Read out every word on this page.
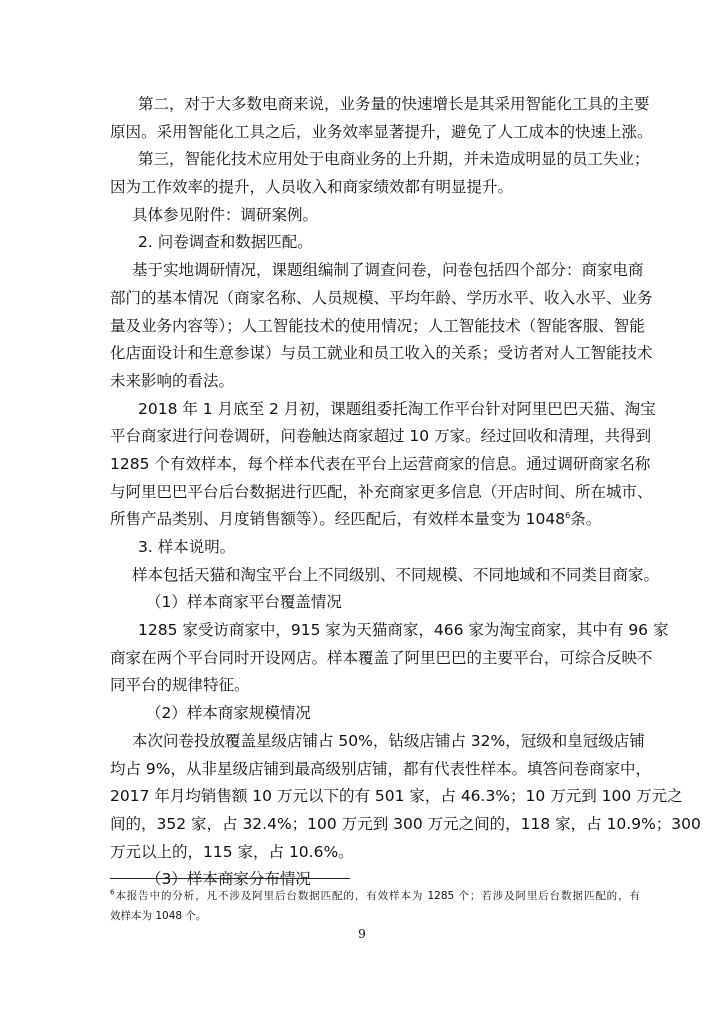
第二，对于大多数电商来说，业务量的快速增长是其采用智能化工具的主要
原因。采用智能化工具之后，业务效率显著提升，避免了人工成本的快速上涨。
第三，智能化技术应用处于电商业务的上升期，并未造成明显的员工失业；
因为工作效率的提升，人员收入和商家绩效都有明显提升。
具体参见附件：调研案例。
2. 问卷调查和数据匹配。
基于实地调研情况，课题组编制了调查问卷，问卷包括四个部分：商家电商
部门的基本情况（商家名称、人员规模、平均年龄、学历水平、收入水平、业务
量及业务内容等）；人工智能技术的使用情况；人工智能技术（智能客服、智能
化店面设计和生意参谋）与员工就业和员工收入的关系；受访者对人工智能技术
未来影响的看法。
2018 年 1 月底至 2 月初，课题组委托淘工作平台针对阿里巴巴天猫、淘宝
平台商家进行问卷调研，问卷触达商家超过 10 万家。经过回收和清理，共得到
1285 个有效样本，每个样本代表在平台上运营商家的信息。通过调研商家名称
与阿里巴巴平台后台数据进行匹配，补充商家更多信息（开店时间、所在城市、
所售产品类别、月度销售额等）。经匹配后，有效样本量变为 1048$^6$条。
3. 样本说明。
样本包括天猫和淘宝平台上不同级别、不同规模、不同地域和不同类目商家。
（1）样本商家平台覆盖情况
1285 家受访商家中，915 家为天猫商家，466 家为淘宝商家，其中有 96 家
商家在两个平台同时开设网店。样本覆盖了阿里巴巴的主要平台，可综合反映不
同平台的规律特征。
（2）样本商家规模情况
本次问卷投放覆盖星级店铺占 50%，钻级店铺占 32%，冠级和皇冠级店铺
均占 9%，从非星级店铺到最高级别店铺，都有代表性样本。填答问卷商家中，
2017 年月均销售额 10 万元以下的有 501 家，占 46.3%；10 万元到 100 万元之
间的，352 家，占 32.4%；100 万元到 300 万元之间的，118 家，占 10.9%；300
万元以上的，115 家，占 10.6%。
（3）样本商家分布情况
$^6$本报告中的分析，凡不涉及阿里后台数据匹配的，有效样本为 1285 个；若涉及阿里后台数据匹配的，有
效样本为 1048 个。
9
